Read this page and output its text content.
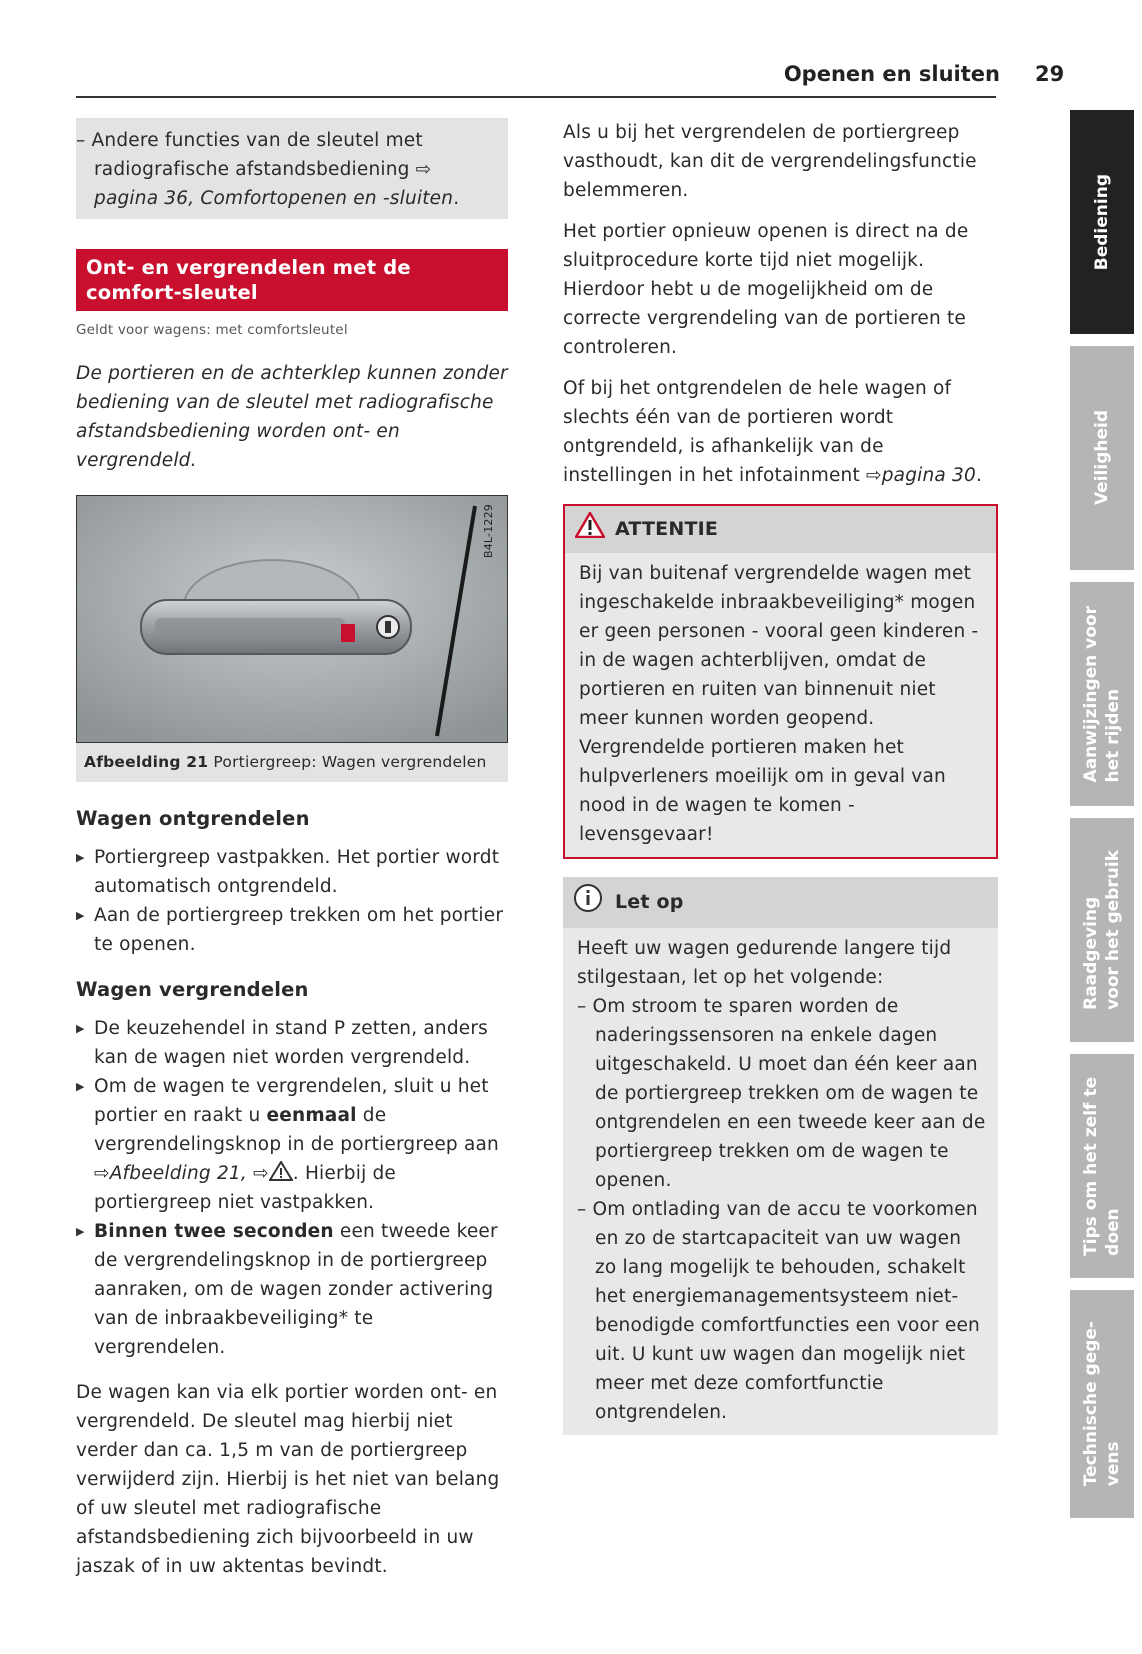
Openen en sluiten 29
– Andere functies van de sleutel met radiografische afstandsbediening ⇨ pagina 36, Comfortopenen en -sluiten.
Ont- en vergrendelen met de comfort-sleutel
Geldt voor wagens: met comfortsleutel
De portieren en de achterklep kunnen zonder bediening van de sleutel met radiografische afstandsbediening worden ont- en vergrendeld.
B4L-1229
Afbeelding 21 Portiergreep: Wagen vergrendelen
Wagen ontgrendelen
▶ Portiergreep vastpakken. Het portier wordt automatisch ontgrendeld.
▶ Aan de portiergreep trekken om het portier te openen.
Wagen vergrendelen
▶ De keuzehendel in stand P zetten, anders kan de wagen niet worden vergrendeld.
▶ Om de wagen te vergrendelen, sluit u het portier en raakt u eenmaal de vergrendelingsknop in de portiergreep aan ⇨Afbeelding 21, ⇨ . Hierbij de portiergreep niet vastpakken.
▶ Binnen twee seconden een tweede keer de vergrendelingsknop in de portiergreep aanraken, om de wagen zonder activering van de inbraakbeveiliging* te vergrendelen.

De wagen kan via elk portier worden ont- en vergrendeld. De sleutel mag hierbij niet verder dan ca. 1,5 m van de portiergreep verwijderd zijn. Hierbij is het niet van belang of uw sleutel met radiografische afstandsbediening zich bijvoorbeeld in uw jaszak of in uw aktentas bevindt.

Als u bij het vergrendelen de portiergreep vasthoudt, kan dit de vergrendelingsfunctie belemmeren.

Het portier opnieuw openen is direct na de sluitprocedure korte tijd niet mogelijk. Hierdoor hebt u de mogelijkheid om de correcte vergrendeling van de portieren te controleren.

Of bij het ontgrendelen de hele wagen of slechts één van de portieren wordt ontgrendeld, is afhankelijk van de instellingen in het infotainment ⇨pagina 30.

ATTENTIE
Bij van buitenaf vergrendelde wagen met ingeschakelde inbraakbeveiliging* mogen er geen personen - vooral geen kinderen - in de wagen achterblijven, omdat de portieren en ruiten van binnenuit niet meer kunnen worden geopend. Vergrendelde portieren maken het hulpverleners moeilijk om in geval van nood in de wagen te komen - levensgevaar!
Let op
Heeft uw wagen gedurende langere tijd stilgestaan, let op het volgende:
– Om stroom te sparen worden de naderingssensoren na enkele dagen uitgeschakeld. U moet dan één keer aan de portiergreep trekken om de wagen te ontgrendelen en een tweede keer aan de portiergreep trekken om de wagen te openen.
– Om ontlading van de accu te voorkomen en zo de startcapaciteit van uw wagen zo lang mogelijk te behouden, schakelt het energiemanagementsysteem niet-benodigde comfortfuncties een voor een uit. U kunt uw wagen dan mogelijk niet meer met deze comfortfunctie ontgrendelen.
Bediening
Veiligheid
Aanwijzingen voor
het rijden
Raadgeving
voor het gebruik
Tips om het zelf te
doen
Technische gege-
vens
